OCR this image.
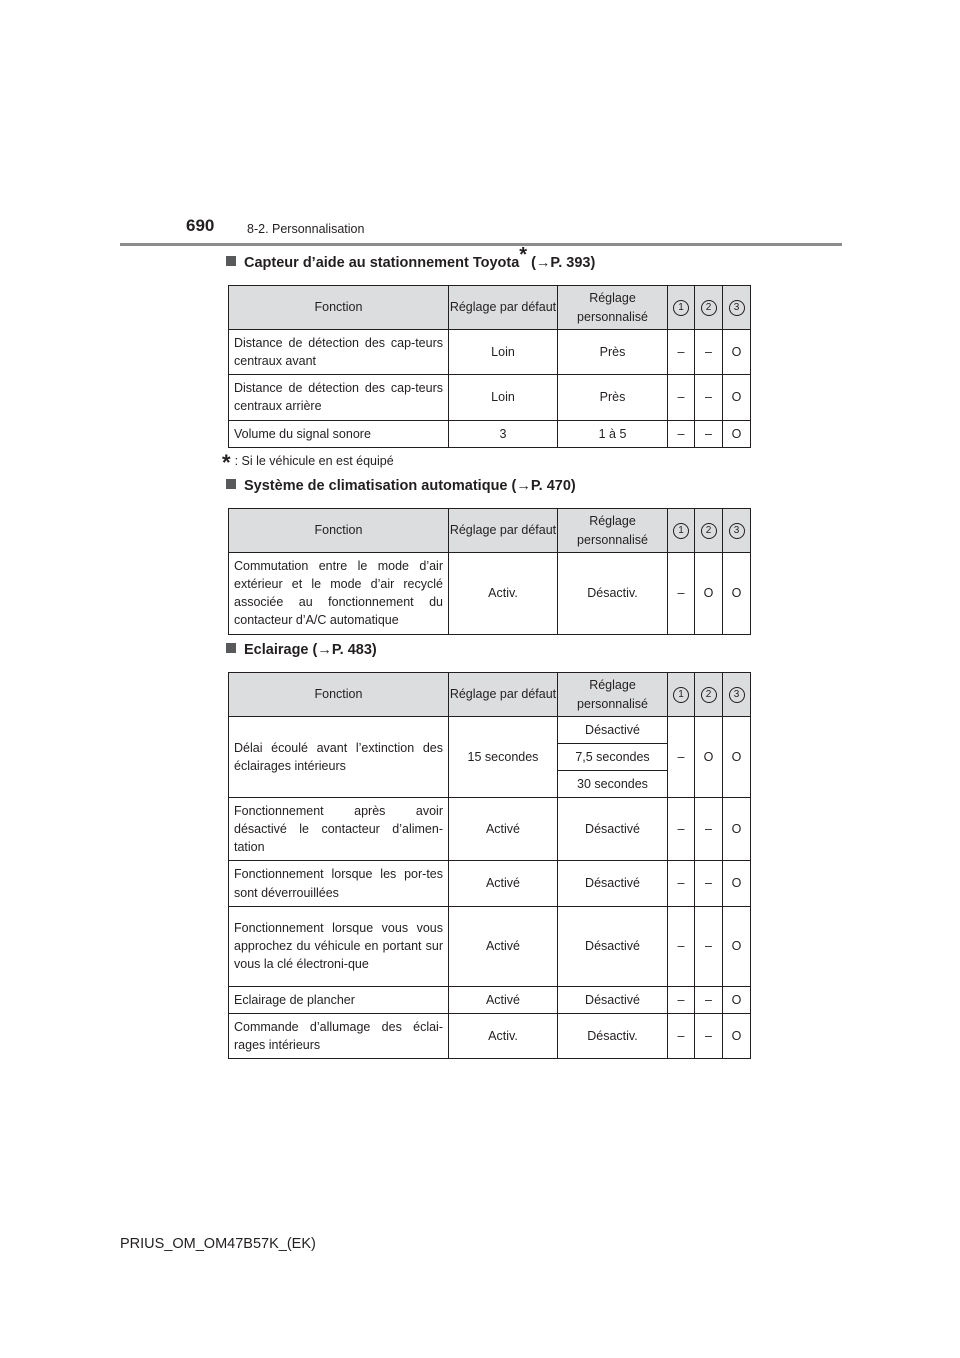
690	8-2. Personnalisation
Capteur d’aide au stationnement Toyota* (→P. 393)
Fonction	Réglage par défaut	Réglage personnalisé	1	2	3
Distance de détection des cap-teurs centraux avant	Loin	Près	–	–	O
Distance de détection des cap-teurs centraux arrière	Loin	Près	–	–	O
Volume du signal sonore	3	1 à 5	–	–	O
* : Si le véhicule en est équipé
Système de climatisation automatique (→P. 470)
Fonction	Réglage par défaut	Réglage personnalisé	1	2	3
Commutation entre le mode d’air extérieur et le mode d’air recyclé associée au fonctionnement du contacteur d’A/C automatique	Activ.	Désactiv.	–	O	O
Eclairage (→P. 483)
Fonction	Réglage par défaut	Réglage personnalisé	1	2	3
Délai écoulé avant l’extinction des éclairages intérieurs	15 secondes	Désactivé	–	O	O
		7,5 secondes			
		30 secondes			
Fonctionnement après avoir désactivé le contacteur d’alimen-tation	Activé	Désactivé	–	–	O
Fonctionnement lorsque les por-tes sont déverrouillées	Activé	Désactivé	–	–	O
Fonctionnement lorsque vous vous approchez du véhicule en portant sur vous la clé électroni-que	Activé	Désactivé	–	–	O
Eclairage de plancher	Activé	Désactivé	–	–	O
Commande d’allumage des éclai-rages intérieurs	Activ.	Désactiv.	–	–	O
PRIUS_OM_OM47B57K_(EK)
